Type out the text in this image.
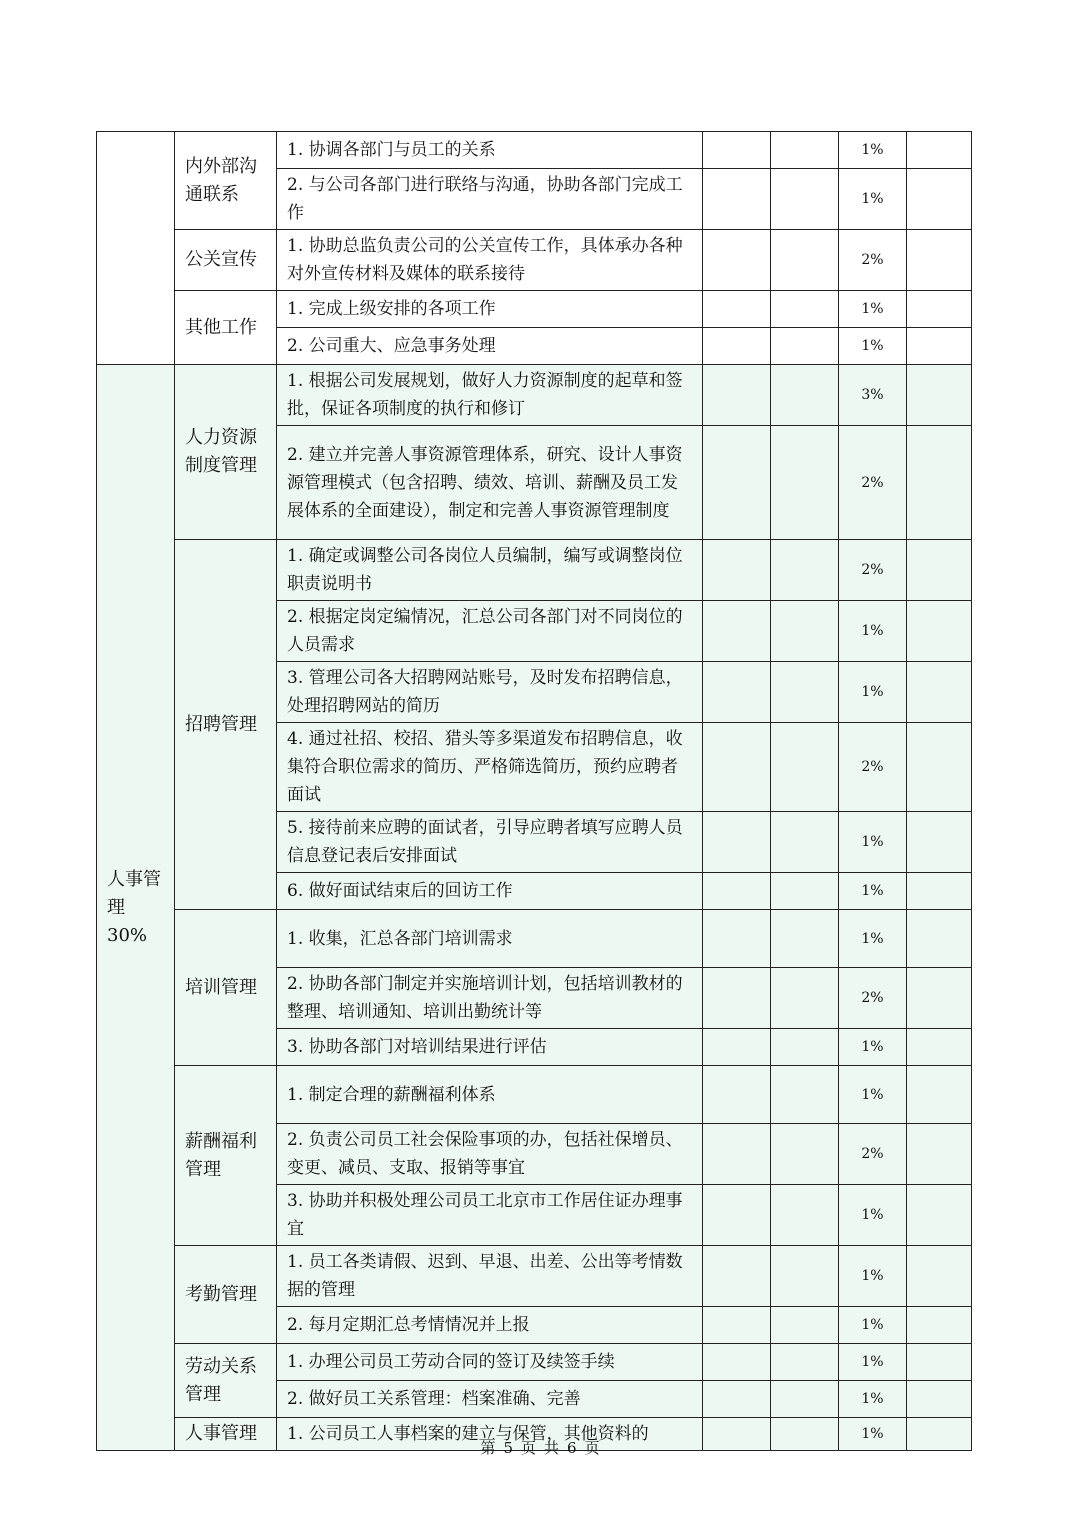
	内外部沟通联系	1. 协调各部门与员工的关系			1%	
		2. 与公司各部门进行联络与沟通，协助各部门完成工作			1%	
	公关宣传	1. 协助总监负责公司的公关宣传工作，具体承办各种对外宣传材料及媒体的联系接待			2%	
	其他工作	1. 完成上级安排的各项工作			1%	
		2. 公司重大、应急事务处理			1%	
人事管理 30%	人力资源制度管理	1. 根据公司发展规划，做好人力资源制度的起草和签批，保证各项制度的执行和修订			3%	
		2. 建立并完善人事资源管理体系，研究、设计人事资源管理模式（包含招聘、绩效、培训、薪酬及员工发展体系的全面建设），制定和完善人事资源管理制度			2%	
	招聘管理	1. 确定或调整公司各岗位人员编制，编写或调整岗位职责说明书			2%	
		2. 根据定岗定编情况，汇总公司各部门对不同岗位的人员需求			1%	
		3. 管理公司各大招聘网站账号，及时发布招聘信息，处理招聘网站的简历			1%	
		4. 通过社招、校招、猎头等多渠道发布招聘信息，收集符合职位需求的简历、严格筛选简历，预约应聘者面试			2%	
		5. 接待前来应聘的面试者，引导应聘者填写应聘人员信息登记表后安排面试			1%	
		6. 做好面试结束后的回访工作			1%	
	培训管理	1. 收集，汇总各部门培训需求			1%	
		2. 协助各部门制定并实施培训计划，包括培训教材的整理、培训通知、培训出勤统计等			2%	
		3. 协助各部门对培训结果进行评估			1%	
	薪酬福利管理	1. 制定合理的薪酬福利体系			1%	
		2. 负责公司员工社会保险事项的办，包括社保增员、变更、减员、支取、报销等事宜			2%	
		3. 协助并积极处理公司员工北京市工作居住证办理事宜			1%	
	考勤管理	1. 员工各类请假、迟到、早退、出差、公出等考情数据的管理			1%	
		2. 每月定期汇总考情情况并上报			1%	
	劳动关系管理	1. 办理公司员工劳动合同的签订及续签手续			1%	
		2. 做好员工关系管理：档案准确、完善			1%	
	人事管理	1. 公司员工人事档案的建立与保管，其他资料的			1%	
第 5 页 共 6 页
